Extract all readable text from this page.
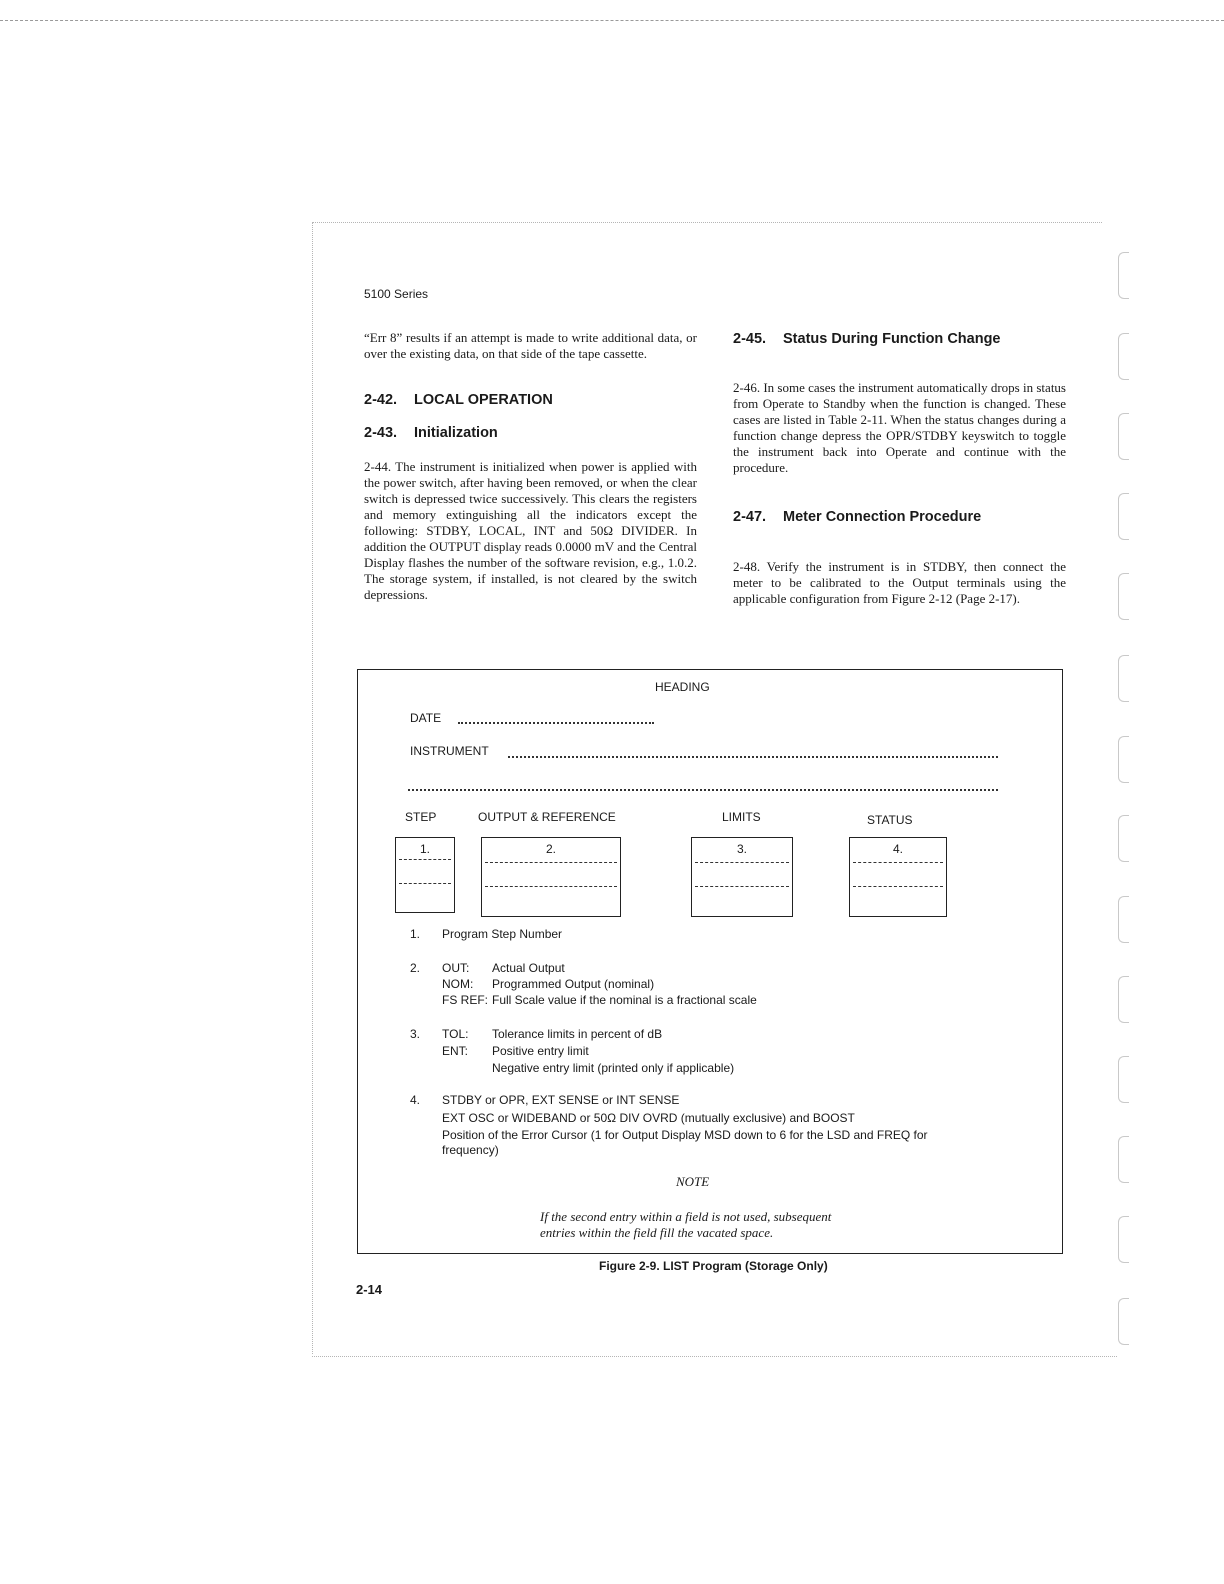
5100 Series
“Err 8” results if an attempt is made to write additional data, or over the existing data, on that side of the tape cassette.
2-42. LOCAL OPERATION
2-43. Initialization
2-44. The instrument is initialized when power is applied with the power switch, after having been removed, or when the clear switch is depressed twice successively. This clears the registers and memory extinguishing all the indicators except the following: STDBY, LOCAL, INT and 50Ω DIVIDER. In addition the OUTPUT display reads 0.0000 mV and the Central Display flashes the number of the software revision, e.g., 1.0.2. The storage system, if installed, is not cleared by the switch depressions.
2-45. Status During Function Change
2-46. In some cases the instrument automatically drops in status from Operate to Standby when the function is changed. These cases are listed in Table 2-11. When the status changes during a function change depress the OPR/STDBY keyswitch to toggle the instrument back into Operate and continue with the procedure.
2-47. Meter Connection Procedure
2-48. Verify the instrument is in STDBY, then connect the meter to be calibrated to the Output terminals using the applicable configuration from Figure 2-12 (Page 2-17).
HEADING
DATE
INSTRUMENT
STEP	OUTPUT & REFERENCE	LIMITS	STATUS
1.	2.	3.	4.
1. Program Step Number
2. OUT: Actual Output
NOM: Programmed Output (nominal)
FS REF: Full Scale value if the nominal is a fractional scale
3. TOL: Tolerance limits in percent of dB
ENT: Positive entry limit
Negative entry limit (printed only if applicable)
4. STDBY or OPR, EXT SENSE or INT SENSE
EXT OSC or WIDEBAND or 50Ω DIV OVRD (mutually exclusive) and BOOST
Position of the Error Cursor (1 for Output Display MSD down to 6 for the LSD and FREQ for
frequency)
NOTE
If the second entry within a field is not used, subsequent
entries within the field fill the vacated space.
Figure 2-9. LIST Program (Storage Only)
2-14
